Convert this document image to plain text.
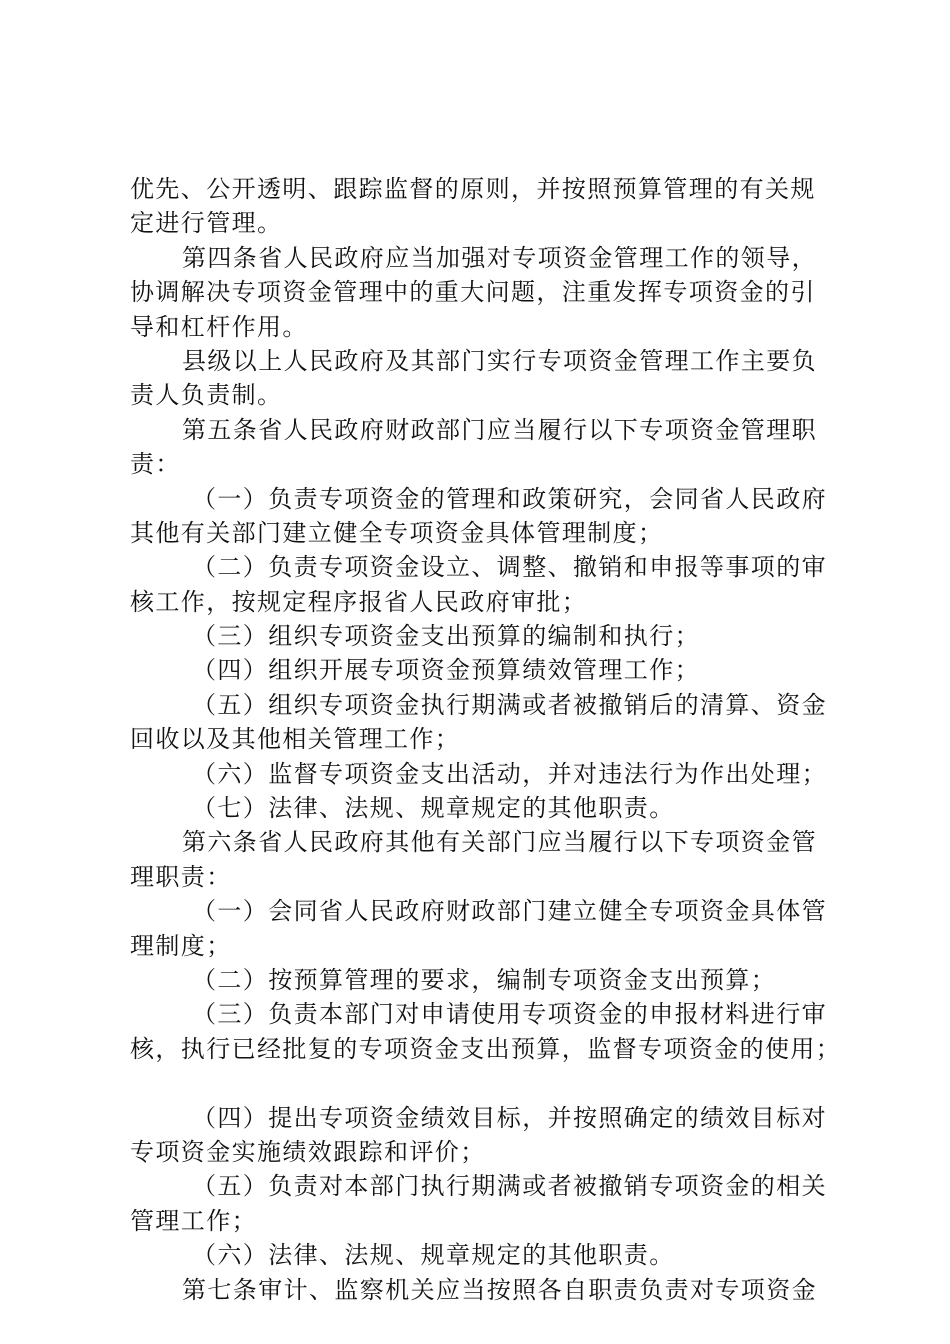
优先、公开透明、跟踪监督的原则，并按照预算管理的有关规
定进行管理。
第四条省人民政府应当加强对专项资金管理工作的领导，
协调解决专项资金管理中的重大问题，注重发挥专项资金的引
导和杠杆作用。
县级以上人民政府及其部门实行专项资金管理工作主要负
责人负责制。
第五条省人民政府财政部门应当履行以下专项资金管理职
责：
（一）负责专项资金的管理和政策研究，会同省人民政府
其他有关部门建立健全专项资金具体管理制度；
（二）负责专项资金设立、调整、撤销和申报等事项的审
核工作，按规定程序报省人民政府审批；
（三）组织专项资金支出预算的编制和执行；
（四）组织开展专项资金预算绩效管理工作；
（五）组织专项资金执行期满或者被撤销后的清算、资金
回收以及其他相关管理工作；
（六）监督专项资金支出活动，并对违法行为作出处理；
（七）法律、法规、规章规定的其他职责。
第六条省人民政府其他有关部门应当履行以下专项资金管
理职责：
（一）会同省人民政府财政部门建立健全专项资金具体管
理制度；
（二）按预算管理的要求，编制专项资金支出预算；
（三）负责本部门对申请使用专项资金的申报材料进行审
核，执行已经批复的专项资金支出预算，监督专项资金的使用；
（四）提出专项资金绩效目标，并按照确定的绩效目标对
专项资金实施绩效跟踪和评价；
（五）负责对本部门执行期满或者被撤销专项资金的相关
管理工作；
（六）法律、法规、规章规定的其他职责。
第七条审计、监察机关应当按照各自职责负责对专项资金
